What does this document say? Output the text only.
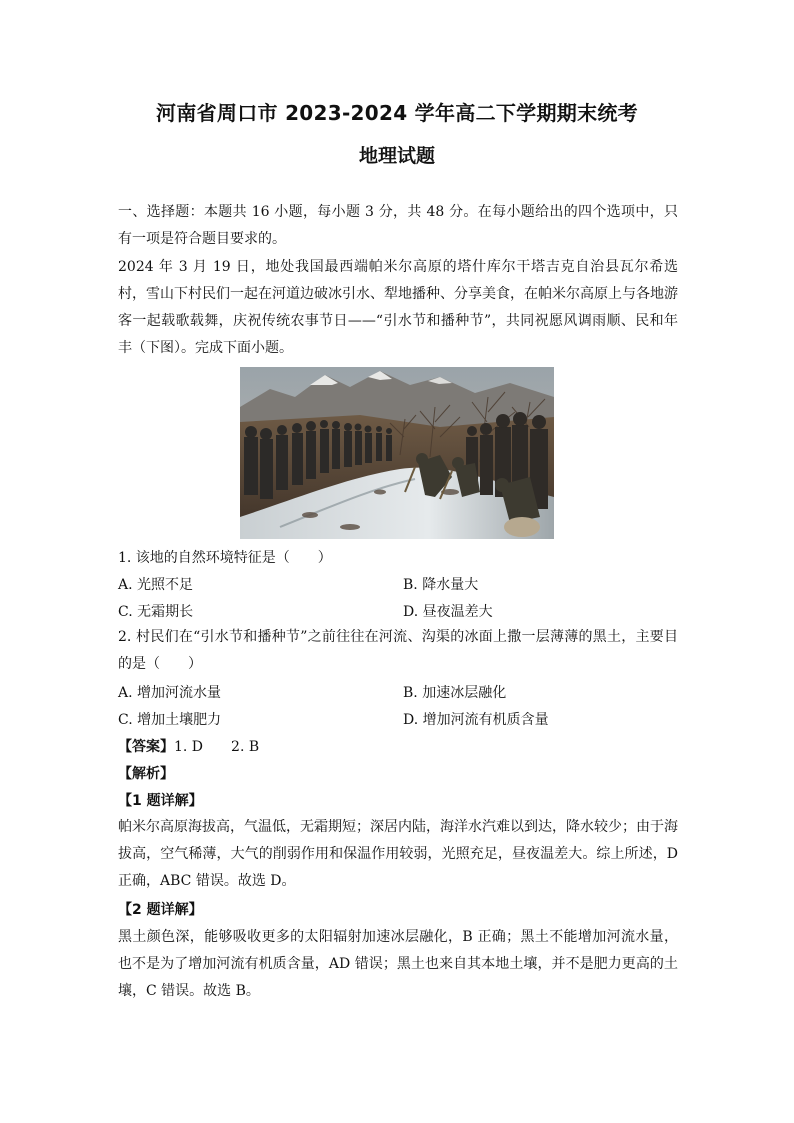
河南省周口市 2023-2024 学年高二下学期期末统考
地理试题
一、选择题：本题共 16 小题，每小题 3 分，共 48 分。在每小题给出的四个选项中，只有一项是符合题目要求的。
2024 年 3 月 19 日，地处我国最西端帕米尔高原的塔什库尔干塔吉克自治县瓦尔希选村，雪山下村民们一起在河道边破冰引水、犁地播种、分享美食，在帕米尔高原上与各地游客一起载歌载舞，庆祝传统农事节日——“引水节和播种节”，共同祝愿风调雨顺、民和年丰（下图）。完成下面小题。
1. 该地的自然环境特征是（　　）
A. 光照不足	B. 降水量大
C. 无霜期长	D. 昼夜温差大
2. 村民们在“引水节和播种节”之前往往在河流、沟渠的冰面上撒一层薄薄的黑土，主要目的是（　　）
A. 增加河流水量	B. 加速冰层融化
C. 增加土壤肥力	D. 增加河流有机质含量
【答案】1. D　　2. B
【解析】
【1 题详解】
帕米尔高原海拔高，气温低，无霜期短；深居内陆，海洋水汽难以到达，降水较少；由于海拔高，空气稀薄，大气的削弱作用和保温作用较弱，光照充足，昼夜温差大。综上所述，D 正确，ABC 错误。故选 D。
【2 题详解】
黑土颜色深，能够吸收更多的太阳辐射加速冰层融化，B 正确；黑土不能增加河流水量，也不是为了增加河流有机质含量，AD 错误；黑土也来自其本地土壤，并不是肥力更高的土壤，C 错误。故选 B。
